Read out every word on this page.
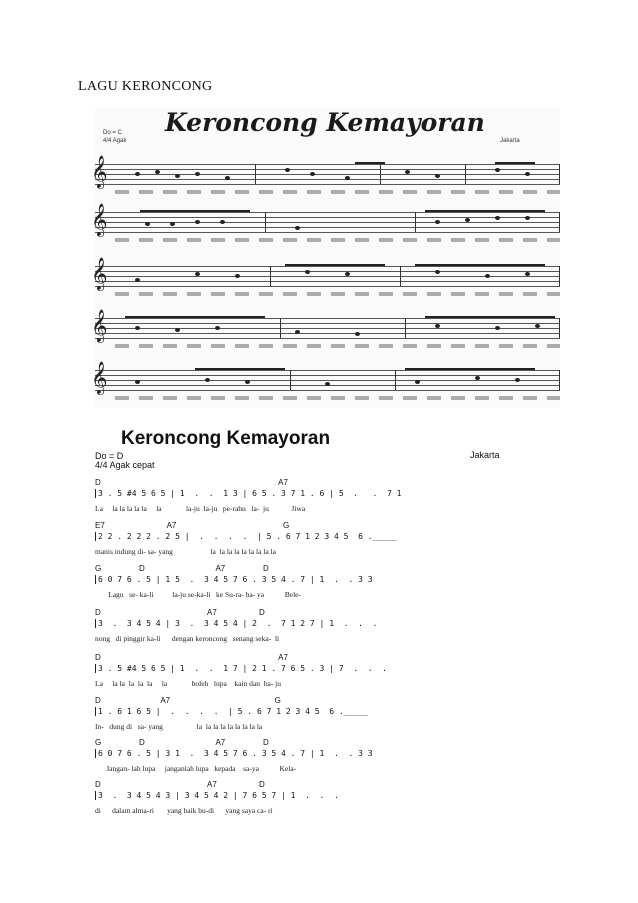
LAGU KERONCONG
Keroncong Kemayoran
Do = C
4/4 Agak	Jakarta
𝄞
𝄞
𝄞
𝄞
𝄞
Keroncong Kemayoran
Do = D
4/4 Agak cepat
Jakarta
D                                                                                A7
3 . 5 #4 5 6 5 | 1  .  .  1 3 | 6 5 . 3 7 1 . 6 | 5  .   .  7 1
La     la la la la la     la             la-ju  la-ju   pe-rahu   la-  ju            Jiwa
E7                            A7                                                G
2 2 . 2 2 2 . 2 5 |  .  .  .  .  | 5 . 6 7 1 2 3 4 5  6 ._____
manis indung di- sa- yang                    la  la la la la la la la la
G                 D                                A7                 D
6 0 7 6 . 5 | 1 5  .  3 4 5 7 6 . 3 5 4 . 7 | 1  .  . 3 3
Lagu   se- ka-li          la-ju se-ka-li   ke Su-ra- ba- ya           Bele-
D                                                A7                   D
3  .  3 4 5 4 | 3  .  3 4 5 4 | 2  .  7 1 2 7 | 1  .  .  .
nong   di pinggir ka-li      dengan keroncong   senang seka-  li
D                                                                                A7
3 . 5 #4 5 6 5 | 1  .  .  1 7 | 2 1 . 7 6 5 . 3 | 7  .  .  .
La     la la  la  la  la     la             boleh   lupa    kain dan  ba- ju
D                           A7                                               G
1 . 6 1 6 5 |  .  .  .  .  | 5 . 6 7 1 2 3 4 5  6 ._____
In-   dung di   sa- yang                  la  la la la la la la la la
G                 D                                A7                 D
6 0 7 6 . 5 | 3 1  .  3 4 5 7 6 . 3 5 4 . 7 | 1  .  . 3 3
Jangan- lah lupa     janganlah lupa   kepada    sa-ya           Kela-
D                                                A7                   D
3  .  3 4 5 4 3 | 3 4 5 4 2 | 7 6 5 7 | 1  .  .  .
di      dalam alma-ri       yang baik bu-di      yang saya ca- ri
